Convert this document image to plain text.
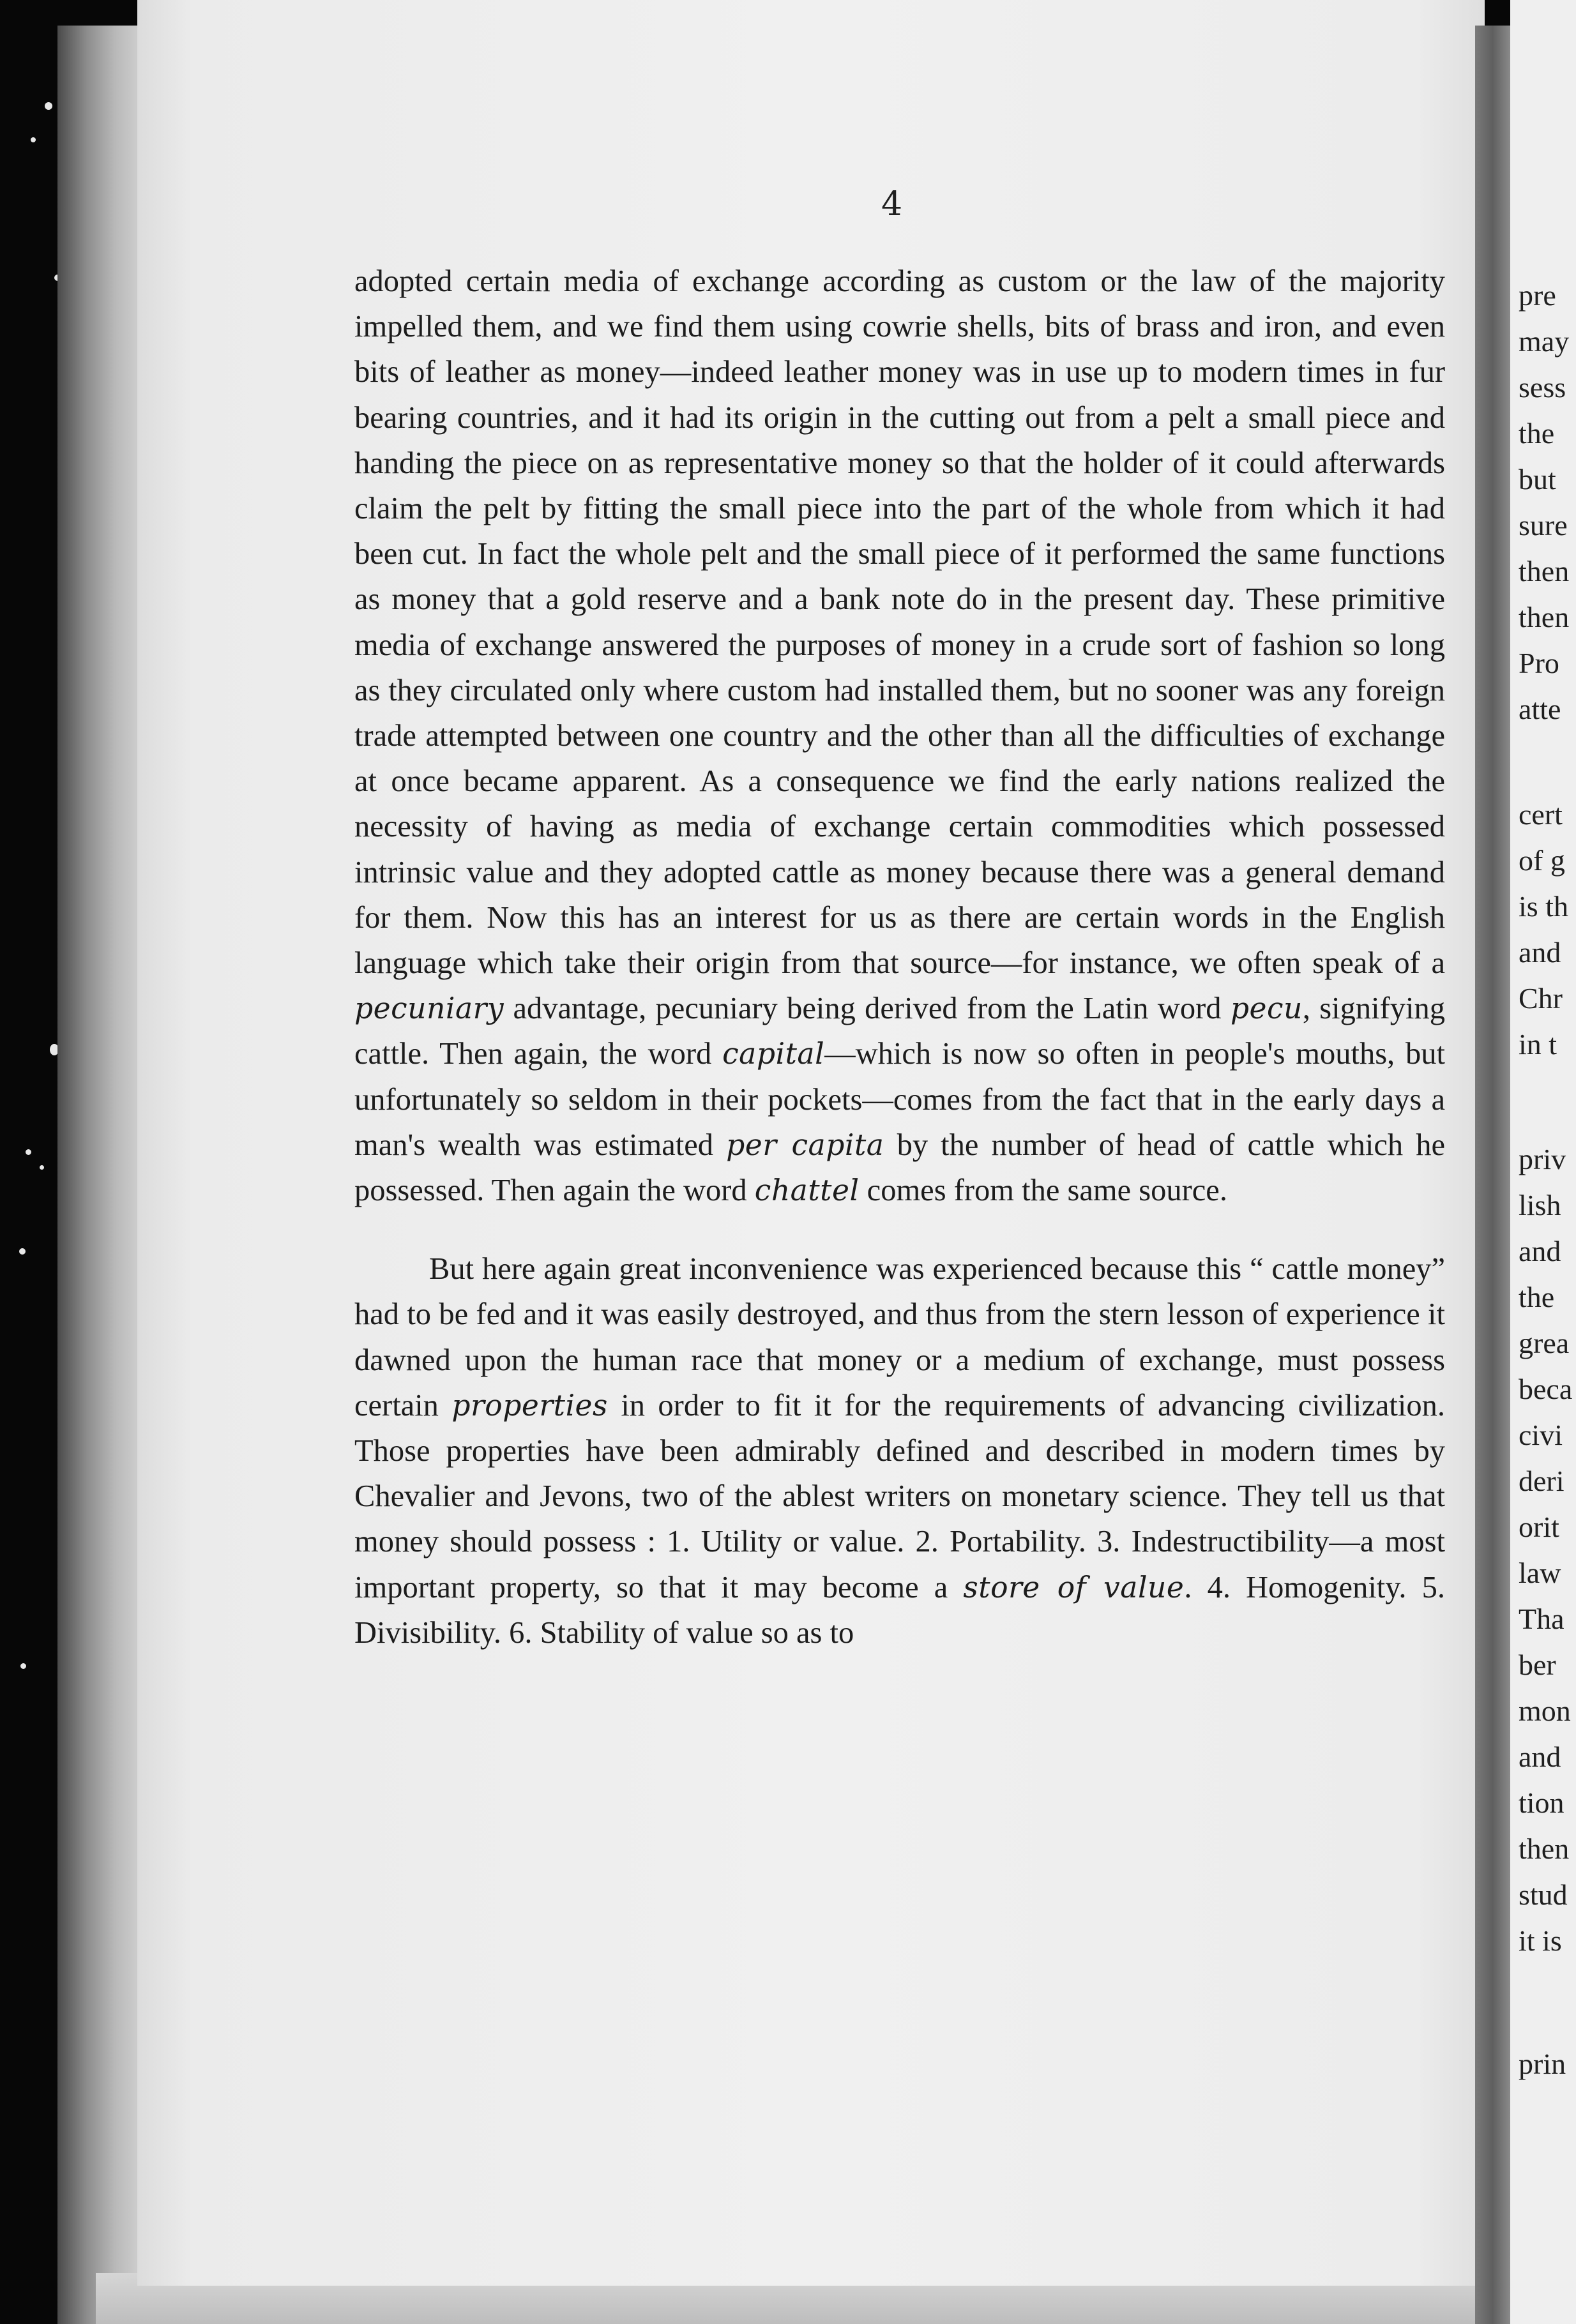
4

adopted certain media of exchange according as custom or the law of the majority impelled them, and we find them using cowrie shells, bits of brass and iron, and even bits of leather as money—indeed leather money was in use up to modern times in fur bearing countries, and it had its origin in the cutting out from a pelt a small piece and handing the piece on as representative money so that the holder of it could afterwards claim the pelt by fitting the small piece into the part of the whole from which it had been cut. In fact the whole pelt and the small piece of it performed the same functions as money that a gold reserve and a bank note do in the present day. These primitive media of exchange answered the purposes of money in a crude sort of fashion so long as they circulated only where custom had installed them, but no sooner was any foreign trade attempted between one country and the other than all the difficulties of exchange at once became apparent. As a consequence we find the early nations realized the necessity of having as media of exchange certain commodities which possessed intrinsic value and they adopted cattle as money because there was a general demand for them. Now this has an interest for us as there are certain words in the English language which take their origin from that source—for instance, we often speak of a pecuniary advantage, pecuniary being derived from the Latin word pecu, signifying cattle. Then again, the word capital—which is now so often in people's mouths, but unfortunately so seldom in their pockets—comes from the fact that in the early days a man's wealth was estimated per capita by the number of head of cattle which he possessed. Then again the word chattel comes from the same source.

But here again great inconvenience was experienced because this “ cattle money” had to be fed and it was easily destroyed, and thus from the stern lesson of experience it dawned upon the human race that money or a medium of exchange, must possess certain properties in order to fit it for the requirements of advancing civilization. Those properties have been admirably defined and described in modern times by Chevalier and Jevons, two of the ablest writers on monetary science. They tell us that money should possess : 1. Utility or value. 2. Portability. 3. Indestructibility—a most important property, so that it may become a store of value. 4. Homogenity. 5. Divisibility. 6. Stability of value so as to

pre
may
sess
the
but
sure
then
then
Pro
atte
cert
of g
is th
and
Chr
in t
priv
lish
and
the
grea
beca
civi
deri
orit
law
Tha
ber
mon
and
tion
then
stud
it is
prin
